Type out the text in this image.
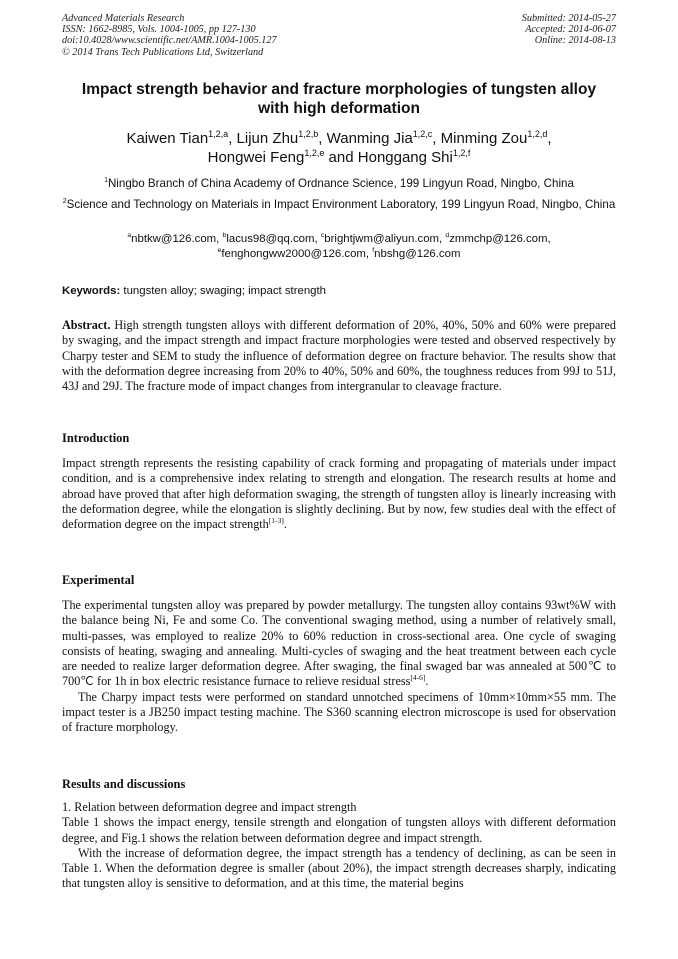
Advanced Materials Research
ISSN: 1662-8985, Vols. 1004-1005, pp 127-130
doi:10.4028/www.scientific.net/AMR.1004-1005.127
© 2014 Trans Tech Publications Ltd, Switzerland
Submitted: 2014-05-27
Accepted: 2014-06-07
Online: 2014-08-13
Impact strength behavior and fracture morphologies of tungsten alloy
with high deformation
Kaiwen Tian$^{1,2,a}$, Lijun Zhu$^{1,2,b}$, Wanming Jia$^{1,2,c}$, Minming Zou$^{1,2,d}$,
Hongwei Feng$^{1,2,e}$ and Honggang Shi$^{1,2,f}$
$^1$Ningbo Branch of China Academy of Ordnance Science, 199 Lingyun Road, Ningbo, China
$^2$Science and Technology on Materials in Impact Environment Laboratory, 199 Lingyun Road, Ningbo, China
$^a$nbtkw@126.com, $^b$lacus98@qq.com, $^c$brightjwm@aliyun.com, $^d$zmmchp@126.com,
$^e$fenghongww2000@126.com, $^f$nbshg@126.com
Keywords: tungsten alloy; swaging; impact strength
Abstract. High strength tungsten alloys with different deformation of 20%, 40%, 50% and 60% were prepared by swaging, and the impact strength and impact fracture morphologies were tested and observed respectively by Charpy tester and SEM to study the influence of deformation degree on fracture behavior. The results show that with the deformation degree increasing from 20% to 40%, 50% and 60%, the toughness reduces from 99J to 51J, 43J and 29J. The fracture mode of impact changes from intergranular to cleavage fracture.
Introduction
Impact strength represents the resisting capability of crack forming and propagating of materials under impact condition, and is a comprehensive index relating to strength and elongation. The research results at home and abroad have proved that after high deformation swaging, the strength of tungsten alloy is linearly increasing with the deformation degree, while the elongation is slightly declining. But by now, few studies deal with the effect of deformation degree on the impact strength[1-3].
Experimental

The experimental tungsten alloy was prepared by powder metallurgy. The tungsten alloy contains 93wt%W with the balance being Ni, Fe and some Co. The conventional swaging method, using a number of relatively small, multi-passes, was employed to realize 20% to 60% reduction in cross-sectional area. One cycle of swaging consists of heating, swaging and annealing. Multi-cycles of swaging and the heat treatment between each cycle are needed to realize larger deformation degree. After swaging, the final swaged bar was annealed at 500℃ to 700℃ for 1h in box electric resistance furnace to relieve residual stress[4-6].

The Charpy impact tests were performed on standard unnotched specimens of 10mm×10mm×55 mm. The impact tester is a JB250 impact testing machine. The S360 scanning electron microscope is used for observation of fracture morphology.

Results and discussions

1. Relation between deformation degree and impact strength

Table 1 shows the impact energy, tensile strength and elongation of tungsten alloys with different deformation degree, and Fig.1 shows the relation between deformation degree and impact strength.

With the increase of deformation degree, the impact strength has a tendency of declining, as can be seen in Table 1. When the deformation degree is smaller (about 20%), the impact strength decreases sharply, indicating that tungsten alloy is sensitive to deformation, and at this time, the material begins
